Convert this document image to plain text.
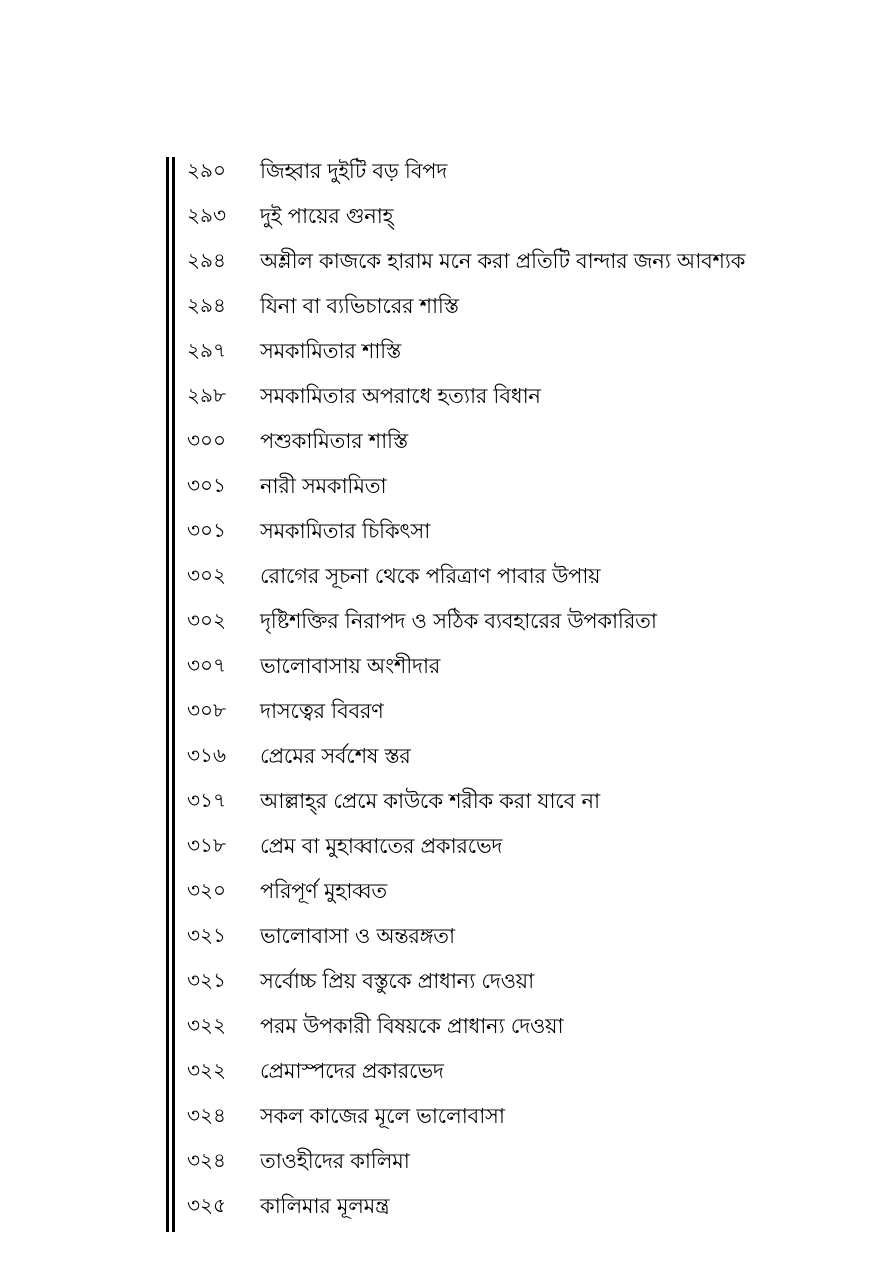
২৯০	জিহ্বার দুইটি বড় বিপদ
২৯৩	দুই পায়ের গুনাহ্‌
২৯৪	অশ্লীল কাজকে হারাম মনে করা প্রতিটি বান্দার জন্য আবশ্যক
২৯৪	যিনা বা ব্যভিচারের শাস্তি
২৯৭	সমকামিতার শাস্তি
২৯৮	সমকামিতার অপরাধে হত্যার বিধান
৩০০	পশুকামিতার শাস্তি
৩০১	নারী সমকামিতা
৩০১	সমকামিতার চিকিৎসা
৩০২	রোগের সূচনা থেকে পরিত্রাণ পাবার উপায়
৩০২	দৃষ্টিশক্তির নিরাপদ ও সঠিক ব্যবহারের উপকারিতা
৩০৭	ভালোবাসায় অংশীদার
৩০৮	দাসত্বের বিবরণ
৩১৬	প্রেমের সর্বশেষ স্তর
৩১৭	আল্লাহ্‌র প্রেমে কাউকে শরীক করা যাবে না
৩১৮	প্রেম বা মুহাব্বাতের প্রকারভেদ
৩২০	পরিপূর্ণ মুহাব্বত
৩২১	ভালোবাসা ও অন্তরঙ্গতা
৩২১	সর্বোচ্চ প্রিয় বস্তুকে প্রাধান্য দেওয়া
৩২২	পরম উপকারী বিষয়কে প্রাধান্য দেওয়া
৩২২	প্রেমাস্পদের প্রকারভেদ
৩২৪	সকল কাজের মূলে ভালোবাসা
৩২৪	তাওহীদের কালিমা
৩২৫	কালিমার মূলমন্ত্র
